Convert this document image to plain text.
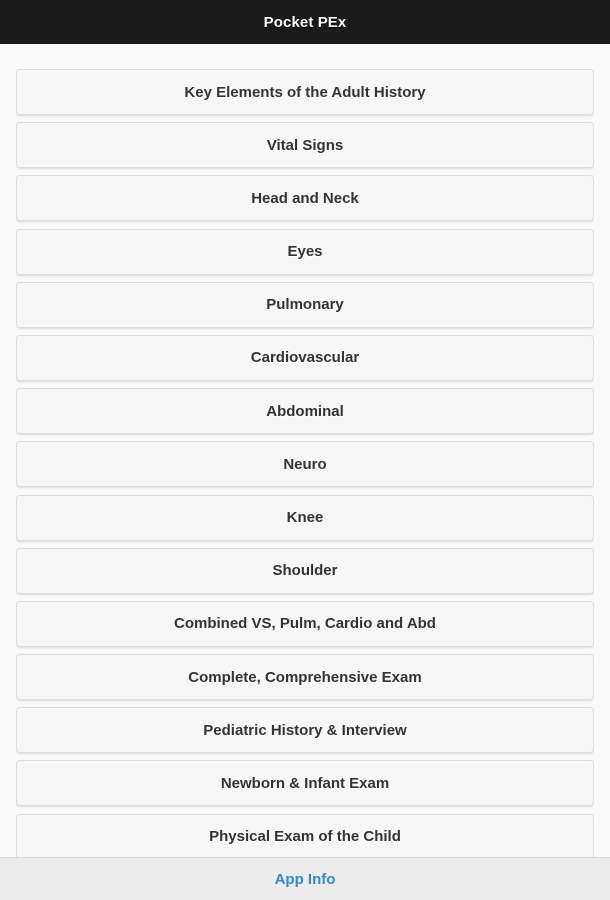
Pocket PEx
Key Elements of the Adult History
Vital Signs
Head and Neck
Eyes
Pulmonary
Cardiovascular
Abdominal
Neuro
Knee
Shoulder
Combined VS, Pulm, Cardio and Abd
Complete, Comprehensive Exam
Pediatric History & Interview
Newborn & Infant Exam
Physical Exam of the Child
App Info
